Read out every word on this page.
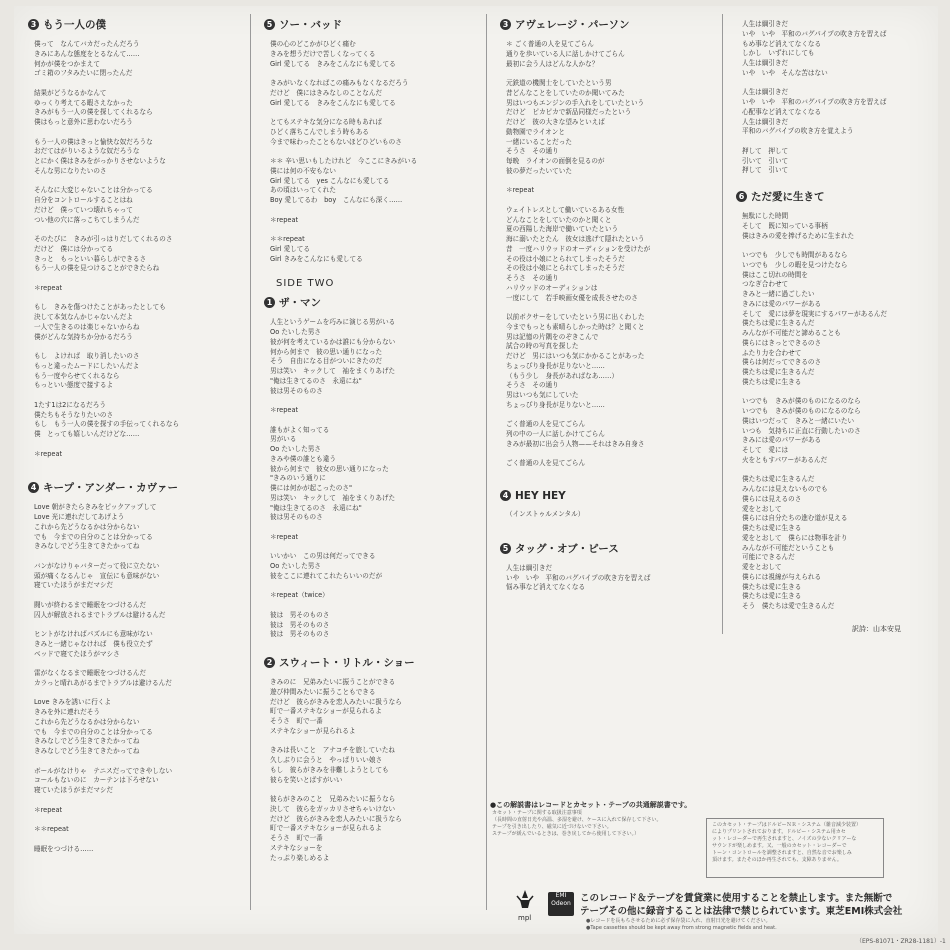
3 もう一人の僕
僕って　なんてバカだったんだろう
きみにあんな態度をとるなんて……
何かが僕をつかまえて
ゴミ箱のフタみたいに閉ったんだ
結果がどうなるかなんて
ゆっくり考えてる暇さえなかった
きみがもう一人の僕を探してくれるなら
僕はもっと意外に思わないだろう
もう一人の僕はきっと愉快な奴だろうな
おだてはがりいるような奴だろうな
とにかく僕はきみをがっかりさせないような
そんな男になりたいのさ
そんなに大変じゃないことは分かってる
自分をコントロールすることはね
だけど　僕っていつ壊れちゃって
つい他の穴に落っこちてしまうんだ
そのたびに　きみが引っはりだしてくれるのさ
だけど　僕には分かってる
きっと　もっといい暮らしができるさ
もう一人の僕を見つけることができたらね
＊repeat
もし　きみを傷つけたことがあったとしても
決して本気なんかじゃないんだよ
一人で生きるのは楽じゃないからね
僕がどんな気持ちか分かるだろう
もし　よければ　取り消したいのさ
もっと違ったムードにしたいんだよ
もう一度やらせてくれるなら
もっといい態度で接するよ
1たす1は2になるだろう
僕たちもそうなりたいのさ
もし　もう一人の僕を探すの手伝ってくれるなら
僕　とっても嬉しいんだけどな……
＊repeat
4 キープ・アンダー・カヴァー
Love 朝がきたらきみをピックアップして
Love 光に連れだしてあげよう
これから先どうなるかは分からない
でも　今までの自分のことは分かってる
きみなしでどう生きてきたかってね
バンがなけりゃバターだって役に立たない
頭が痛くなるんじゃ　宣伝にも意味がない
寝ていたほうがまだマシだ
闘いが終わるまで睡眠をつづけるんだ
囚人が解放されるまでトラブルは避けるんだ
ヒントがなければパズルにも意味がない
きみと一緒じゃなければ　僕も役立たず
ベッドで寝てたほうがマシさ
雷がなくなるまで睡眠をつづけるんだ
カラっと晴れあがるまでトラブルは避けるんだ
Love きみを誘いに行くよ
きみを外に連れだそう
これから先どうなるかは分からない
でも　今までの自分のことは分かってる
きみなしでどう生きてきたかってね
きみなしでどう生きてきたかってね
ボールがなけりゃ　テニスだってできやしない
コールもないのに　カーテンは下ろせない
寝ていたほうがまだマシだ
＊repeat
＊＊repeat
睡眠をつづける……
5 ソー・バッド
僕の心のどこかがひどく痛む
きみを想うだけで苦しくなってくる
Girl 愛してる　きみをこんなにも愛してる
きみがいなくなればこの痛みもなくなるだろう
だけど　僕にはきみなしのことなんだ
Girl 愛してる　きみをこんなにも愛してる
とてもステキな気分になる時もあれば
ひどく落ちこんでしまう時もある
今まで味わったこともないほどひどいものさ
＊＊ 辛い思いもしたけれど　今ここにきみがいる
僕には何の不安もない
Girl 愛してる　yes こんなにも愛してる
あの頃はいってくれた
Boy 愛してるわ　boy　こんなにも深く……
＊repeat
＊＊repeat
Girl 愛してる
Girl きみをこんなにも愛してる
SIDE TWO
1 ザ・マン
人生というゲームを巧みに演じる男がいる
Oo たいした男さ
彼が何を考えているかは誰にも分からない
何から何まで　彼の思い通りになった
そう　自由になる目がついにきたのだ
男は笑い　キックして　袖をまくりあげた
"俺は生きてるのさ　永遠にね"
彼は男そのものさ
＊repeat
誰もがよく知ってる
男がいる
Oo たいした男さ
きみや僕の誰とも違う
彼から何まで　彼女の思い通りになった
"きみのいう通りに
僕には何かが起こったのさ"
男は笑い　キックして　袖をまくりあげた
"俺は生きてるのさ　永遠にね"
彼は男そのものさ
＊repeat
いいかい　この男は何だってできる
Oo たいした男さ
彼をここに連れてこれたらいいのだが
＊repeat（twice）
彼は　男そのものさ
彼は　男そのものさ
彼は　男そのものさ
2 スウィート・リトル・ショー
きみのに　兄弟みたいに振うことができる
遊び仲間みたいに振うこともできる
だけど　彼らがきみを恋人みたいに扱うなら
町で一番ステキなショーが見られるよ
そうさ　町で一番
ステキなショーが見られるよ
きみは長いこと　アナコチを旅していたね
久しぶりに会うと　やっぱりいい娘さ
もし　彼らがきみを非難しようとしても
彼らを笑いとばすがいい
彼らがきみのこと　兄弟みたいに振うなら
決して　彼らをガッカリさせちゃいけない
だけど　彼らがきみを恋人みたいに扱うなら
町で一番ステキなショーが見られるよ
そうさ　町で一番
ステキなショーを
たっぷり楽しめるよ
3 アヴェレージ・パーソン
＊ ごく普通の人を見てごらん
通りを歩いている人に話しかけてごらん
最初に会う人はどんな人かな？
元鉄道の機関士をしていたという男
昔どんなことをしていたのか聞いてみた
男はいつもエンジンの手入れをしていたという
だけど　ピカピカで新品同様だったという
だけど　彼の大きな望みといえば
動物園でライオンと
一緒にいることだった
そうさ　その通り
毎晩　ライオンの面倒を見るのが
彼の夢だったいていた
＊repeat
ウェイトレスとして働いているある女性
どんなことをしていたのかと聞くと
夏の西陽した海岸で働いていたという
海に溺いたとたん　彼女は逃げて隠れたという
昔　一度ハリウッドのオーディションを受けたが
その役は小娘にとられてしまったそうだ
その役は小娘にとられてしまったそうだ
そうさ　その通り
ハリウッドのオーディションは
一度にして　若手映画女優を成長させたのさ
以前ボクサーをしていたという男に出くわした
今までもっとも素晴らしかった時は？と聞くと
男は記憶の片隅をのぞきこんで
試合の時の写真を探した
だけど　男にはいつも気にかかることがあった
ちょっぴり身長が足りないと……
（もう少し　身長があればなあ……）
そうさ　その通り
男はいつも気にしていた
ちょっぴり身長が足りないと……
ごく普通の人を見てごらん
列の中の一人に話しかけてごらん
きみが最初に出会う人物——それはきみ自身さ
ごく普通の人を見てごらん
4 HEY HEY
（インストゥルメンタル）
5 タッグ・オブ・ピース
人生は綱引きだ
いや　いや　平和のバグパイプの吹き方を習えば
悩み事など消えてなくなる
人生は綱引きだ
いや　いや　平和のバグパイプの吹き方を習えば
もめ事など消えてなくなる
しかし　いずれにしても
人生は綱引きだ
いや　いや　そんな苦はない
人生は綱引きだ
いや　いや　平和のバグパイプの吹き方を習えば
心配事など消えてなくなる
人生は綱引きだ
平和のバグパイプの吹き方を覚えよう
押して　押して
引いて　引いて
押して　引いて
6 ただ愛に生きて
無駄にした時間
そして　既に知っている事柄
僕はきみの愛を捧げるために生まれた
いつでも　少しでも時間があるなら
いつでも　少しの暇を見つけたなら
僕はここ切れの時間を
つなぎ合わせて
きみと一緒に過ごしたい
きみには愛のパワーがある
そして　愛には夢を現実にするパワーがあるんだ
僕たちは愛に生きるんだ
みんなが不可能だと諦めることも
僕らにはきっとできるのさ
ふたり力を合わせて
僕らは何だってできるのさ
僕たちは愛に生きるんだ
僕たちは愛に生きる
いつでも　きみが僕のものになるのなら
いつでも　きみが僕のものになるのなら
僕はいつだって　きみと一緒にいたい
いつも　気持ちに正直に行動したいのさ
きみには愛のパワーがある
そして　愛には
火をともすパワーがあるんだ
僕たちは愛に生きるんだ
みんなには見えないものでも
僕らには見えるのさ
愛をとおして
僕らには自分たちの進む道が見える
僕たちは愛に生きる
愛をとおして　僕らには物事を計り
みんなが不可能だということも
可能にできるんだ
愛をとおして
僕らには視線が与えられる
僕たちは愛に生きる
僕たちは愛に生きる
そう　僕たちは愛で生きるんだ
訳詩：山本安見
●この解説書はレコードとカセット・テープの共通解説書です。
カセット・テープに関する取扱注意事項
（長時間の直射日光や高温、多湿を避け、ケースに入れて保存して下さい。
テープを引き出したり、磁気に近づけないで下さい。
ステープが緩んでいるときは、巻き戻してから使用して下さい。）
このカセット・テープはドルビーＮＲ・システム（雑音減少装置）
によりプリントされております。ドルビー・システム用カセ
ット・レコーダーで再生されますと、ノイズの少ないクリアーな
サウンドが楽しめます。又、一般のカセット・レコーダーで
トーン・コントロールを調整されますと、自然な音でお楽しみ
頂けます。またそのほか再生されても、支障ありません。
mpl
EMI Odeon このレコード＆テープを賃貸業に使用することを禁止します。また無断で
テープその他に録音することは法律で禁じられています。東芝EMI株式会社
●レコードを長もちさせるために必ず保存袋に入れ、直射日光を避けてください。
●Tape cassettes should be kept away from strong magnetic fields and heat.
（EPS-81071・ZR28-1181）-1
